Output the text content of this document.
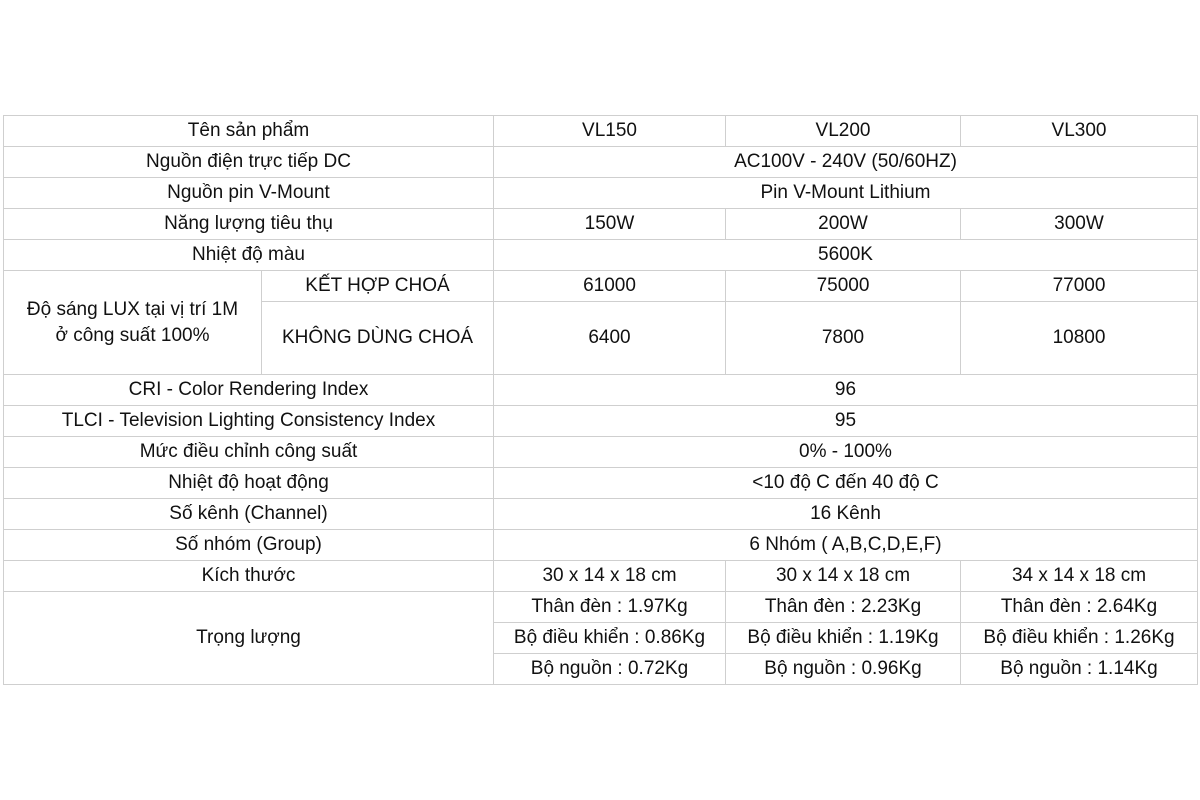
Tên sản phẩm		VL150	VL200	VL300
Nguồn điện trực tiếp DC		AC100V - 240V (50/60HZ)		
Nguồn pin V-Mount		Pin V-Mount Lithium		
Năng lượng tiêu thụ		150W	200W	300W
Nhiệt độ màu		5600K		
Độ sáng LUX tại vị trí 1M
ở công suất 100%	KẾT HỢP CHOÁ	61000	75000	77000
	KHÔNG DÙNG CHOÁ	6400	7800	10800
CRI - Color Rendering Index		96		
TLCI - Television Lighting Consistency Index		95		
Mức điều chỉnh công suất		0% - 100%		
Nhiệt độ hoạt động		<10 độ C đến 40 độ C		
Số kênh (Channel)		16 Kênh		
Số nhóm (Group)		6 Nhóm ( A,B,C,D,E,F)		
Kích thước		30 x 14 x 18 cm	30 x 14 x 18 cm	34 x 14 x 18 cm
Trọng lượng		Thân đèn : 1.97Kg	Thân đèn : 2.23Kg	Thân đèn : 2.64Kg
		Bộ điều khiển : 0.86Kg	Bộ điều khiển : 1.19Kg	Bộ điều khiển : 1.26Kg
		Bộ nguồn : 0.72Kg	Bộ nguồn : 0.96Kg	Bộ nguồn : 1.14Kg
